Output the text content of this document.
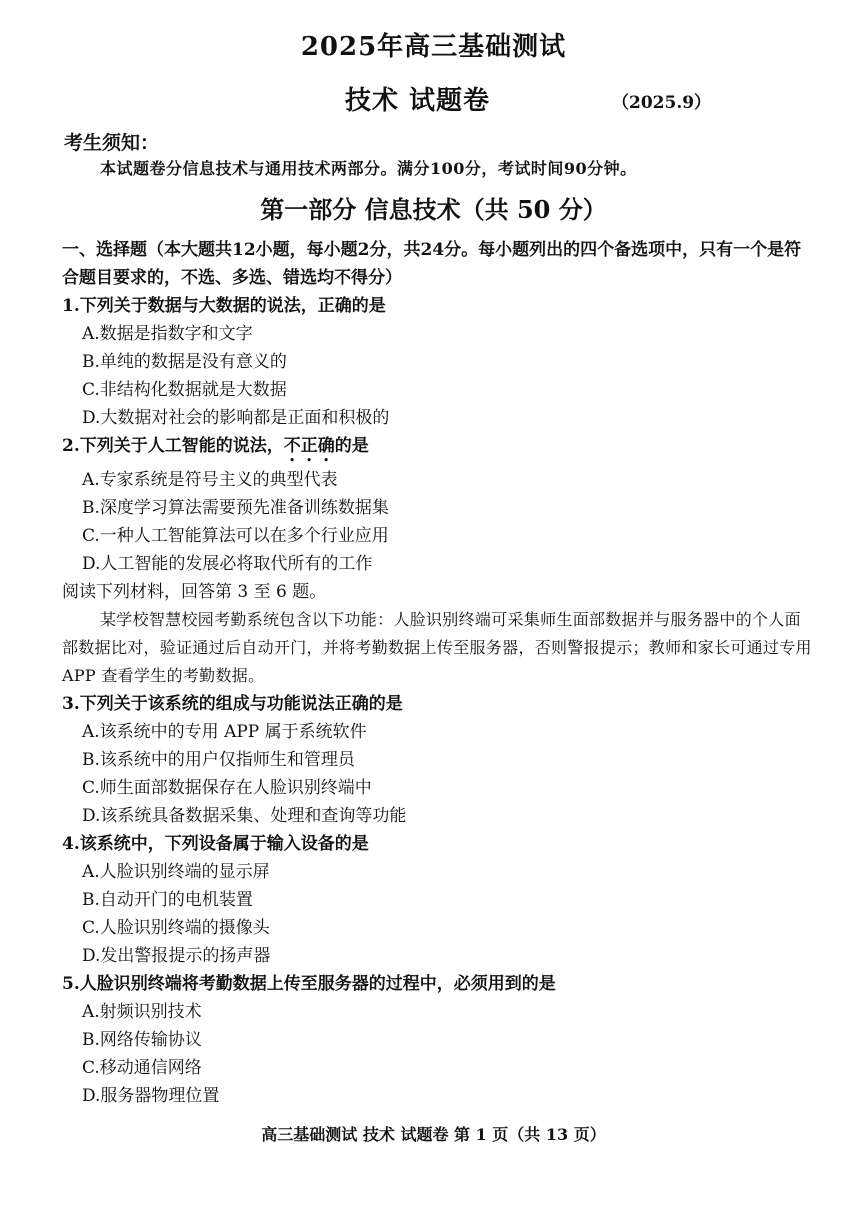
2025年高三基础测试
技术 试题卷	（2025.9）
考生须知：
本试题卷分信息技术与通用技术两部分。满分100分，考试时间90分钟。
第一部分 信息技术（共 50 分）
一、选择题（本大题共12小题，每小题2分，共24分。每小题列出的四个备选项中，只有一个是符合题目要求的，不选、多选、错选均不得分）
1.下列关于数据与大数据的说法，正确的是
A.数据是指数字和文字
B.单纯的数据是没有意义的
C.非结构化数据就是大数据
D.大数据对社会的影响都是正面和积极的
2.下列关于人工智能的说法，不正确的是
A.专家系统是符号主义的典型代表
B.深度学习算法需要预先准备训练数据集
C.一种人工智能算法可以在多个行业应用
D.人工智能的发展必将取代所有的工作
阅读下列材料，回答第 3 至 6 题。
某学校智慧校园考勤系统包含以下功能：人脸识别终端可采集师生面部数据并与服务器中的个人面部数据比对，验证通过后自动开门，并将考勤数据上传至服务器，否则警报提示；教师和家长可通过专用 APP 查看学生的考勤数据。
3.下列关于该系统的组成与功能说法正确的是
A.该系统中的专用 APP 属于系统软件
B.该系统中的用户仅指师生和管理员
C.师生面部数据保存在人脸识别终端中
D.该系统具备数据采集、处理和查询等功能
4.该系统中，下列设备属于输入设备的是
A.人脸识别终端的显示屏
B.自动开门的电机装置
C.人脸识别终端的摄像头
D.发出警报提示的扬声器
5.人脸识别终端将考勤数据上传至服务器的过程中，必须用到的是
A.射频识别技术
B.网络传输协议
C.移动通信网络
D.服务器物理位置
高三基础测试 技术 试题卷 第 1 页（共 13 页）
